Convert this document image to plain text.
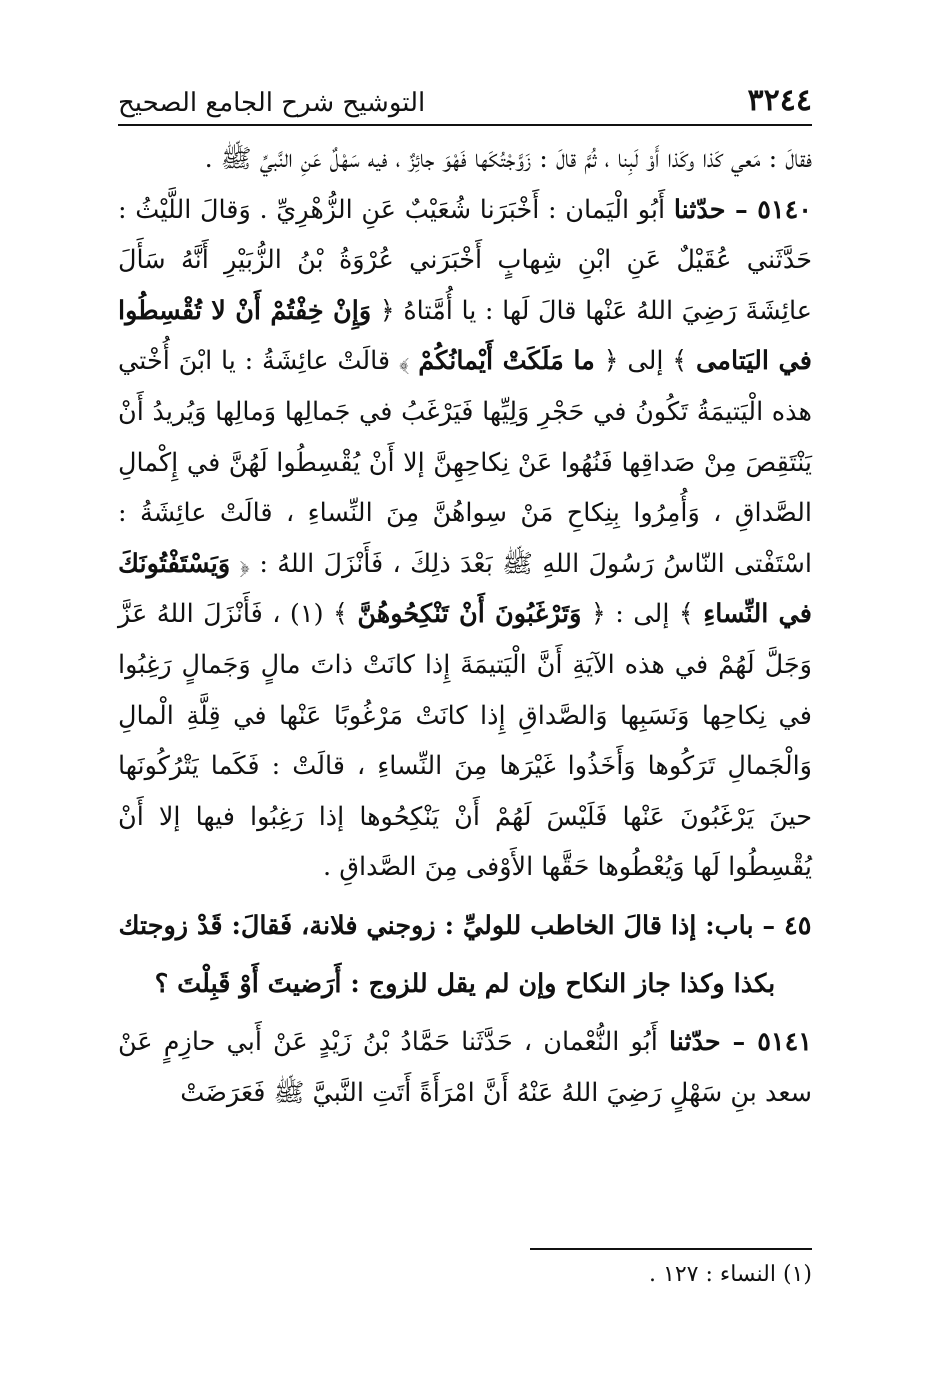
٣٢٤٤
التوشيح شرح الجامع الصحيح

فقالَ : مَعي كَذا وكَذا أَوْ لَبِنا ، ثُمَّ قالَ : زَوَّجْتُكَها فَهْوَ جائِزٌ ، فيه سَهْلٌ عَنِ النَّبيِّ ﷺ .

٥١٤٠ – حدّثنا أَبُو الْيَمان : أَخْبَرَنا شُعَيْبٌ عَنِ الزُّهْرِيِّ . وَقالَ اللَّيْثُ : حَدَّثَني عُقَيْلٌ عَنِ ابْنِ شِهابٍ أَخْبَرَني عُرْوَةُ بْنُ الزُّبَيْرِ أَنَّهُ سَأَلَ عائِشَةَ رَضِيَ اللهُ عَنْها قالَ لَها : يا أُمَّتاهُ ﴿ وَإِنْ خِفْتُمْ أَنْ لا تُقْسِطُوا في اليَتامى ﴾ إلى ﴿ ما مَلَكَتْ أَيْمانُكُمْ ﴾ قالَتْ عائِشَةُ : يا ابْنَ أُخْتي هذه الْيَتيمَةُ تَكُونُ في حَجْرِ وَلِيِّها فَيَرْغَبُ في جَمالِها وَمالِها وَيُريدُ أَنْ يَنْتَقِصَ مِنْ صَداقِها فَنُهُوا عَنْ نِكاحِهِنَّ إلا أَنْ يُقْسِطُوا لَهُنَّ في إِكْمالِ الصَّداقِ ، وَأُمِرُوا بِنِكاحِ مَنْ سِواهُنَّ مِنَ النِّساءِ ، قالَتْ عائِشَةُ : اسْتَفْتى النّاسُ رَسُولَ اللهِ ﷺ بَعْدَ ذلِكَ ، فَأَنْزَلَ اللهُ : ﴿ وَيَسْتَفْتُونَكَ في النِّساءِ ﴾ إلى : ﴿ وَتَرْغَبُونَ أَنْ تَنْكِحُوهُنَّ ﴾ (١) ، فَأَنْزَلَ اللهُ عَزَّ وَجَلَّ لَهُمْ في هذه الآيَةِ أَنَّ الْيَتيمَةَ إِذا كانَتْ ذاتَ مالٍ وَجَمالٍ رَغِبُوا في نِكاحِها وَنَسَبِها وَالصَّداقِ إِذا كانَتْ مَرْغُوبًا عَنْها في قِلَّةِ الْمالِ وَالْجَمالِ تَرَكُوها وَأَخَذُوا غَيْرَها مِنَ النِّساءِ ، قالَتْ : فَكَما يَتْرُكُونَها حينَ يَرْغَبُونَ عَنْها فَلَيْسَ لَهُمْ أَنْ يَنْكِحُوها إذا رَغِبُوا فيها إلا أَنْ يُقْسِطُوا لَها وَيُعْطُوها حَقَّها الأَوْفى مِنَ الصَّداقِ .

٤٥ – باب: إذا قالَ الخاطب للوليِّ : زوجني فلانة، فَقالَ: قَدْ زوجتك
بكذا وكذا جاز النكاح وإن لم يقل للزوج : أَرَضيتَ أَوْ قَبِلْتَ ؟

٥١٤١ – حدّثنا أَبُو النُّعْمان ، حَدَّثَنا حَمَّادُ بْنُ زَيْدٍ عَنْ أَبي حازِمٍ عَنْ سعد بنِ سَهْلٍ رَضِيَ اللهُ عَنْهُ أَنَّ امْرَأَةً أَتَتِ النَّبيَّ ﷺ فَعَرَضَتْ

(١) النساء : ١٢٧ .
